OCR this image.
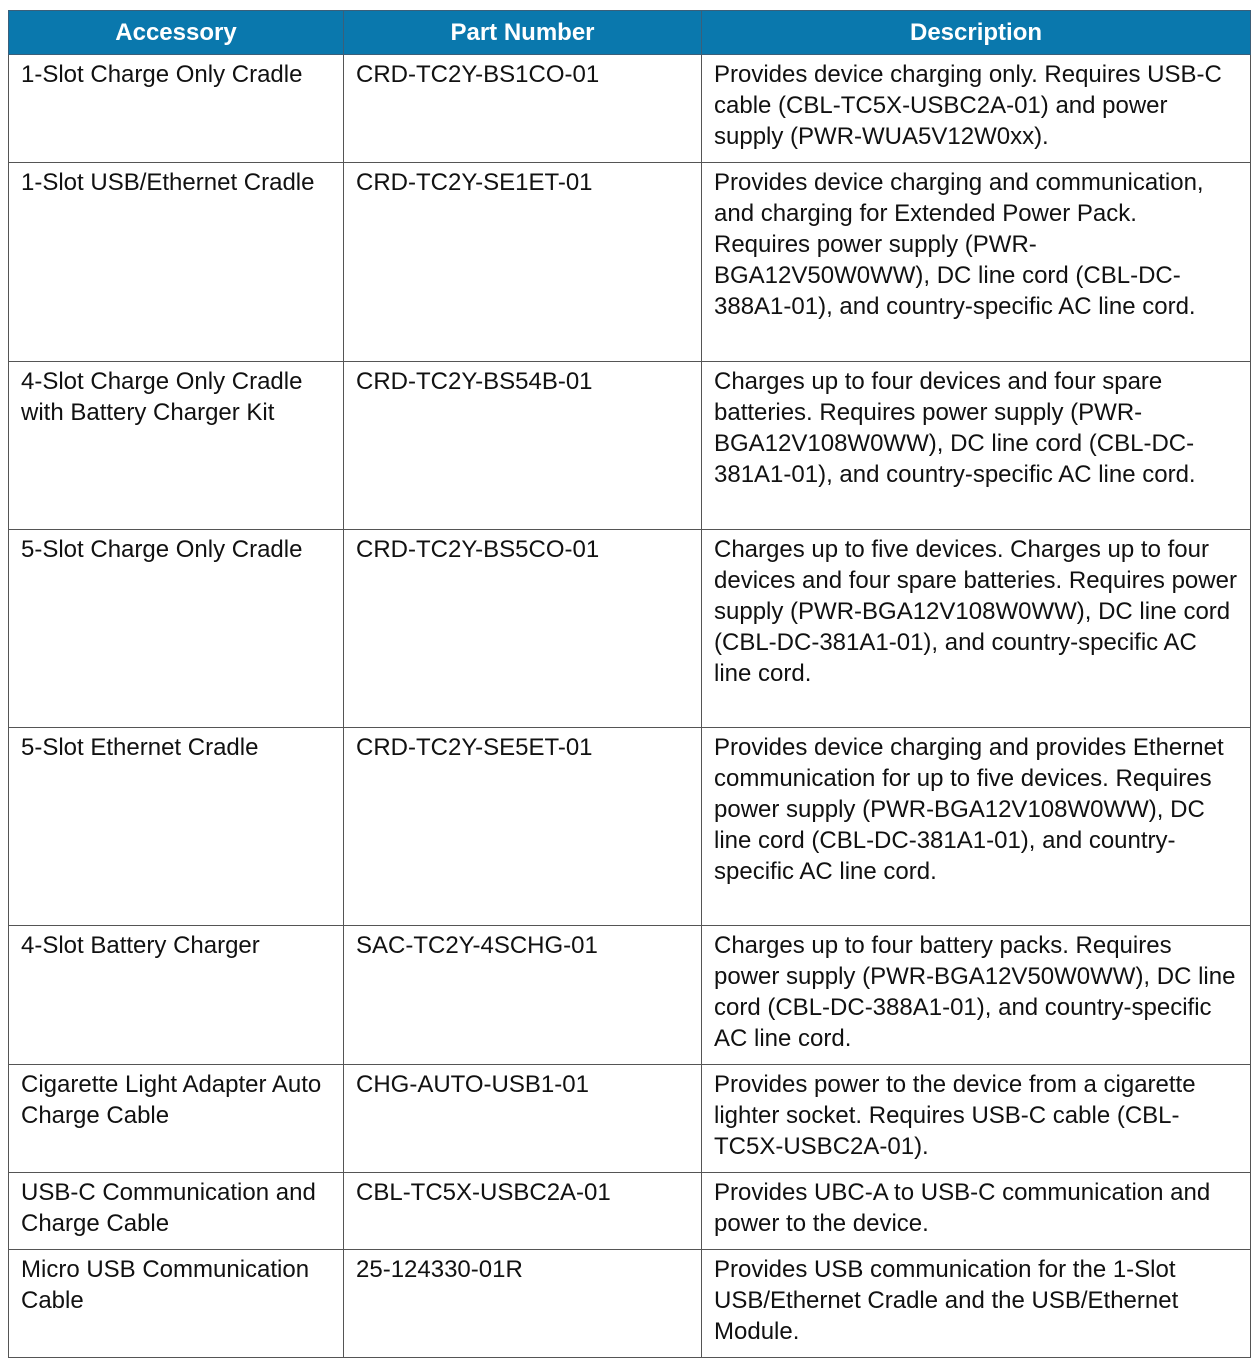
Accessory	Part Number	Description
1-Slot Charge Only Cradle	CRD-TC2Y-BS1CO-01	Provides device charging only. Requires USB-C cable (CBL-TC5X-USBC2A-01) and power supply (PWR-WUA5V12W0xx).
1-Slot USB/Ethernet Cradle	CRD-TC2Y-SE1ET-01	Provides device charging and communication, and charging for Extended Power Pack. Requires power supply (PWR-BGA12V50W0WW), DC line cord (CBL-DC-388A1-01), and country-specific AC line cord.
4-Slot Charge Only Cradle with Battery Charger Kit	CRD-TC2Y-BS54B-01	Charges up to four devices and four spare batteries. Requires power supply (PWR-BGA12V108W0WW), DC line cord (CBL-DC-381A1-01), and country-specific AC line cord.
5-Slot Charge Only Cradle	CRD-TC2Y-BS5CO-01	Charges up to five devices. Charges up to four devices and four spare batteries. Requires power supply (PWR-BGA12V108W0WW), DC line cord (CBL-DC-381A1-01), and country-specific AC line cord.
5-Slot Ethernet Cradle	CRD-TC2Y-SE5ET-01	Provides device charging and provides Ethernet communication for up to five devices. Requires power supply (PWR-BGA12V108W0WW), DC line cord (CBL-DC-381A1-01), and country-specific AC line cord.
4-Slot Battery Charger	SAC-TC2Y-4SCHG-01	Charges up to four battery packs. Requires power supply (PWR-BGA12V50W0WW), DC line cord (CBL-DC-388A1-01), and country-specific AC line cord.
Cigarette Light Adapter Auto Charge Cable	CHG-AUTO-USB1-01	Provides power to the device from a cigarette lighter socket. Requires USB-C cable (CBL-TC5X-USBC2A-01).
USB-C Communication and Charge Cable	CBL-TC5X-USBC2A-01	Provides UBC-A to USB-C communication and power to the device.
Micro USB Communication Cable	25-124330-01R	Provides USB communication for the 1-Slot USB/Ethernet Cradle and the USB/Ethernet Module.
